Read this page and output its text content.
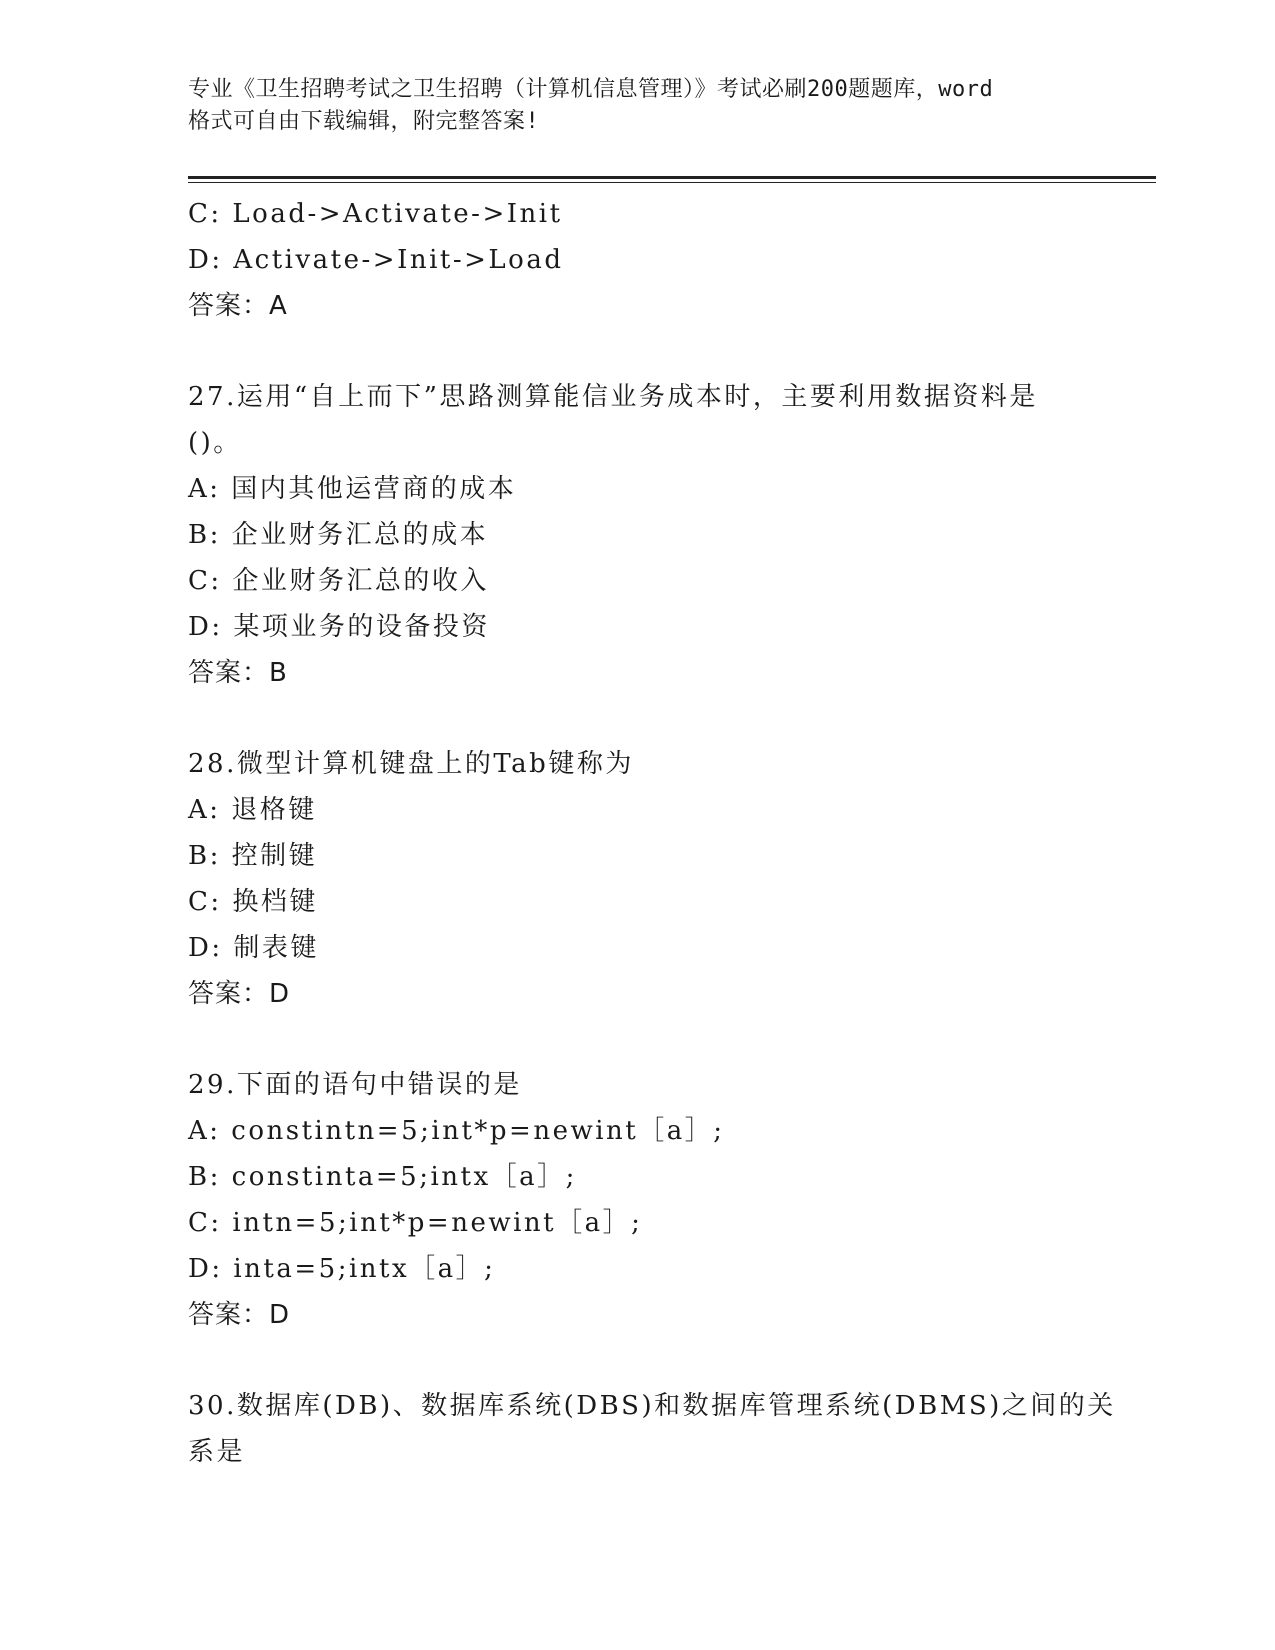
专业《卫生招聘考试之卫生招聘（计算机信息管理）》考试必刷200题题库，word
格式可自由下载编辑，附完整答案!
C: Load->Activate->Init
D: Activate->Init->Load
答案：A
27.运用“自上而下”思路测算能信业务成本时，主要利用数据资料是
()。
A: 国内其他运营商的成本
B: 企业财务汇总的成本
C: 企业财务汇总的收入
D: 某项业务的设备投资
答案：B
28.微型计算机键盘上的Tab键称为
A: 退格键
B: 控制键
C: 换档键
D: 制表键
答案：D
29.下面的语句中错误的是
A: constintn=5;int*p=newint［a］;
B: constinta=5;intx［a］;
C: intn=5;int*p=newint［a］;
D: inta=5;intx［a］;
答案：D
30.数据库(DB)、数据库系统(DBS)和数据库管理系统(DBMS)之间的关
系是
